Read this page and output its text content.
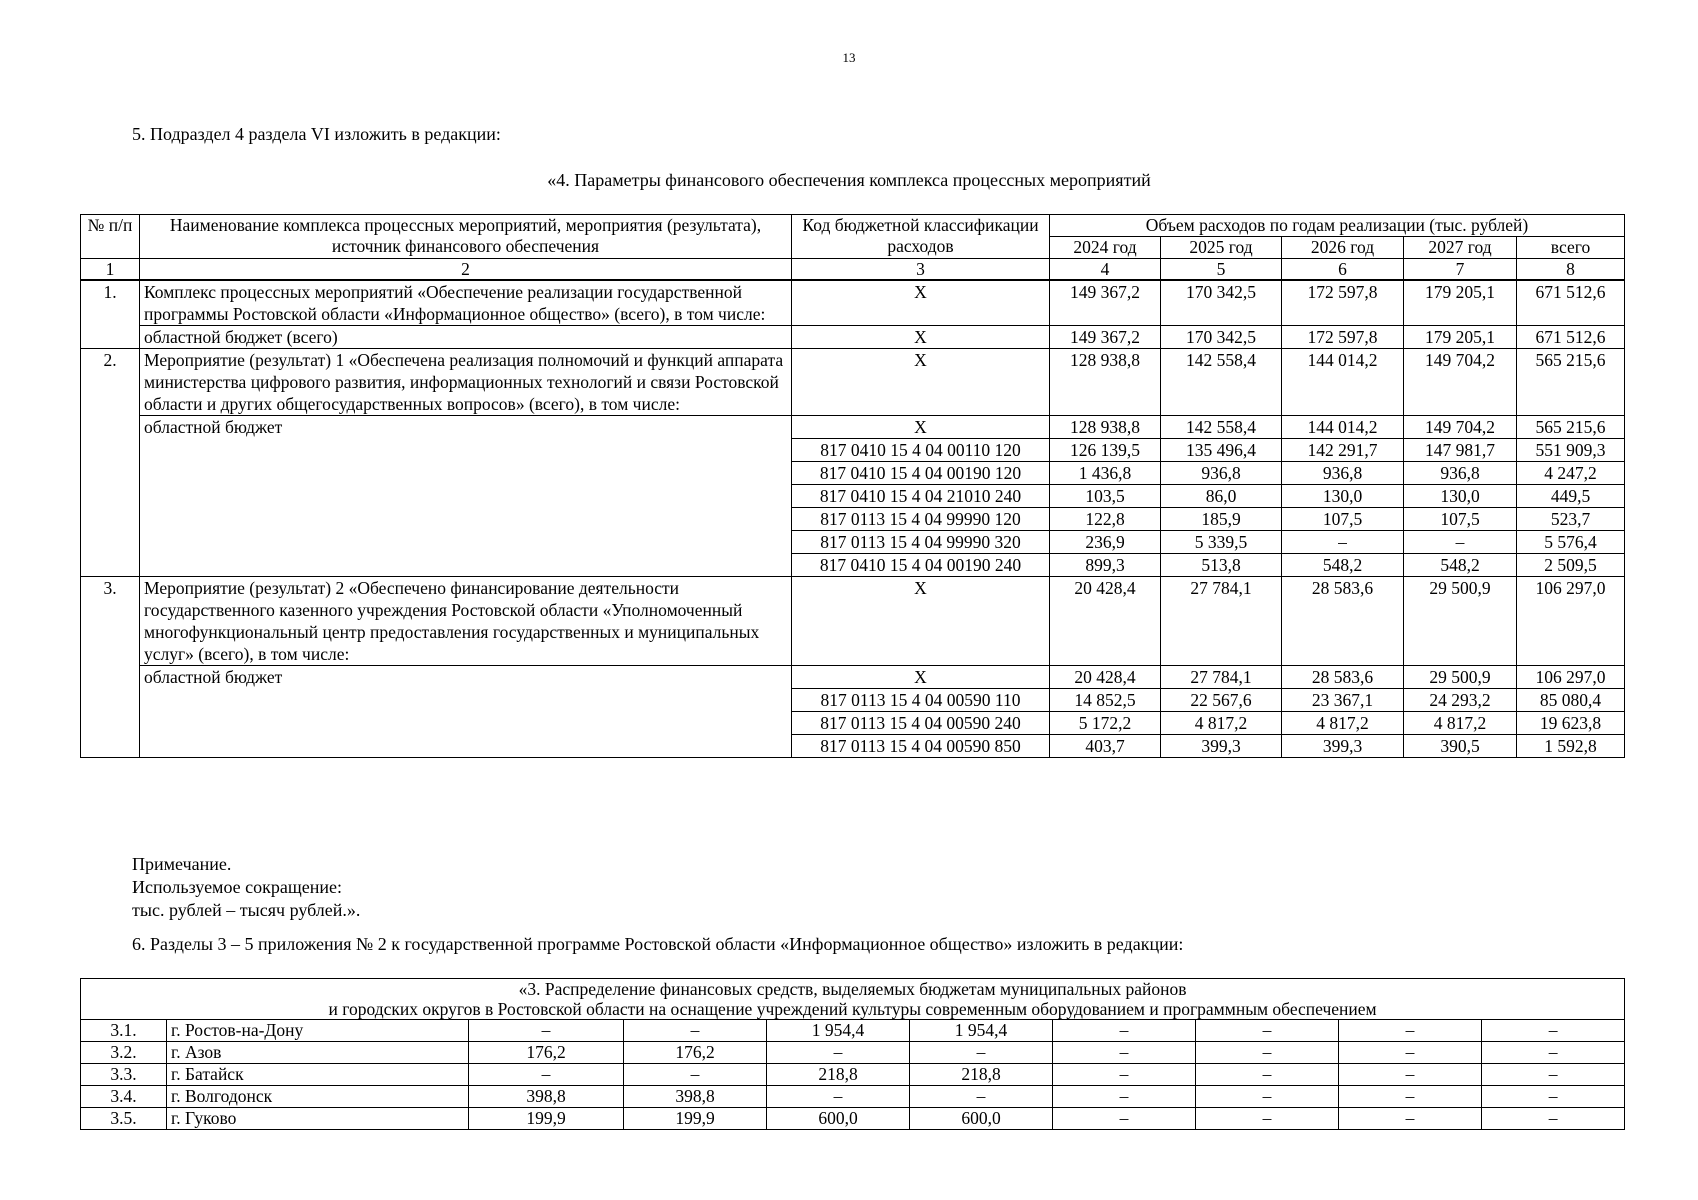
13
5. Подраздел 4 раздела VI изложить в редакции:
«4. Параметры финансового обеспечения комплекса процессных мероприятий
№ п/п	Наименование комплекса процессных мероприятий, мероприятия (результата), источник финансового обеспечения	Код бюджетной классификации расходов	Объем расходов по годам реализации (тыс. рублей)				
			2024 год	2025 год	2026 год	2027 год	всего
1	2	3	4	5	6	7	8
1.	Комплекс процессных мероприятий «Обеспечение реализации государственной программы Ростовской области «Информационное общество» (всего), в том числе:	X	149 367,2	170 342,5	172 597,8	179 205,1	671 512,6
	областной бюджет (всего)	X	149 367,2	170 342,5	172 597,8	179 205,1	671 512,6
2.	Мероприятие (результат) 1 «Обеспечена реализация полномочий и функций аппарата министерства цифрового развития, информационных технологий и связи Ростовской области и других общегосударственных вопросов» (всего), в том числе:	X	128 938,8	142 558,4	144 014,2	149 704,2	565 215,6
	областной бюджет	X	128 938,8	142 558,4	144 014,2	149 704,2	565 215,6
		817 0410 15 4 04 00110 120	126 139,5	135 496,4	142 291,7	147 981,7	551 909,3
		817 0410 15 4 04 00190 120	1 436,8	936,8	936,8	936,8	4 247,2
		817 0410 15 4 04 21010 240	103,5	86,0	130,0	130,0	449,5
		817 0113 15 4 04 99990 120	122,8	185,9	107,5	107,5	523,7
		817 0113 15 4 04 99990 320	236,9	5 339,5	–	–	5 576,4
		817 0410 15 4 04 00190 240	899,3	513,8	548,2	548,2	2 509,5
3.	Мероприятие (результат) 2 «Обеспечено финансирование деятельности государственного казенного учреждения Ростовской области «Уполномоченный многофункциональный центр предоставления государственных и муниципальных услуг» (всего), в том числе:	X	20 428,4	27 784,1	28 583,6	29 500,9	106 297,0
	областной бюджет	X	20 428,4	27 784,1	28 583,6	29 500,9	106 297,0
		817 0113 15 4 04 00590 110	14 852,5	22 567,6	23 367,1	24 293,2	85 080,4
		817 0113 15 4 04 00590 240	5 172,2	4 817,2	4 817,2	4 817,2	19 623,8
		817 0113 15 4 04 00590 850	403,7	399,3	399,3	390,5	1 592,8
Примечание.
Используемое сокращение:
тыс. рублей – тысяч рублей.».
6. Разделы 3 – 5 приложения № 2 к государственной программе Ростовской области «Информационное общество» изложить в редакции:
«3. Распределение финансовых средств, выделяемых бюджетам муниципальных районов
и городских округов в Ростовской области на оснащение учреждений культуры современным оборудованием и программным обеспечением									

3.1.	г. Ростов-на-Дону	–	–	1 954,4	1 954,4	–	–	–	–
3.2.	г. Азов	176,2	176,2	–	–	–	–	–	–
3.3.	г. Батайск	–	–	218,8	218,8	–	–	–	–
3.4.	г. Волгодонск	398,8	398,8	–	–	–	–	–	–
3.5.	г. Гуково	199,9	199,9	600,0	600,0	–	–	–	–
